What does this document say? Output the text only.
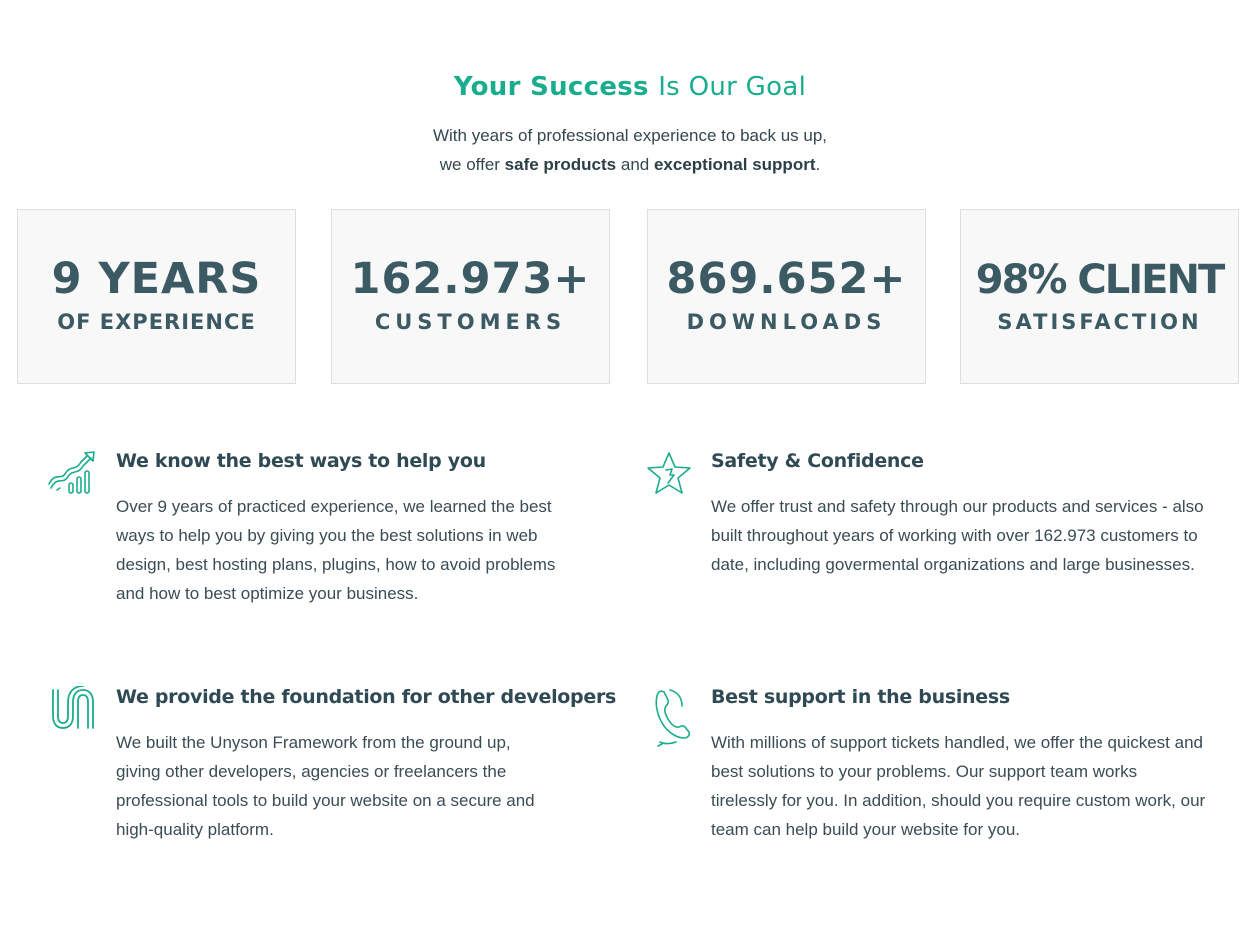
Your Success Is Our Goal
With years of professional experience to back us up,
we offer safe products and exceptional support.
9 YEARS
OF EXPERIENCE
162.973+
CUSTOMERS
869.652+
DOWNLOADS
98% CLIENT
SATISFACTION
We know the best ways to help you

Over 9 years of practiced experience, we learned the best ways to help you by giving you the best solutions in web design, best hosting plans, plugins, how to avoid problems and how to best optimize your business.

Safety & Confidence

We offer trust and safety through our products and services - also built throughout years of working with over 162.973 customers to date, including govermental organizations and large businesses.

We provide the foundation for other developers

We built the Unyson Framework from the ground up, giving other developers, agencies or freelancers the professional tools to build your website on a secure and high-quality platform.

Best support in the business

With millions of support tickets handled, we offer the quickest and best solutions to your problems. Our support team works tirelessly for you. In addition, should you require custom work, our team can help build your website for you.
